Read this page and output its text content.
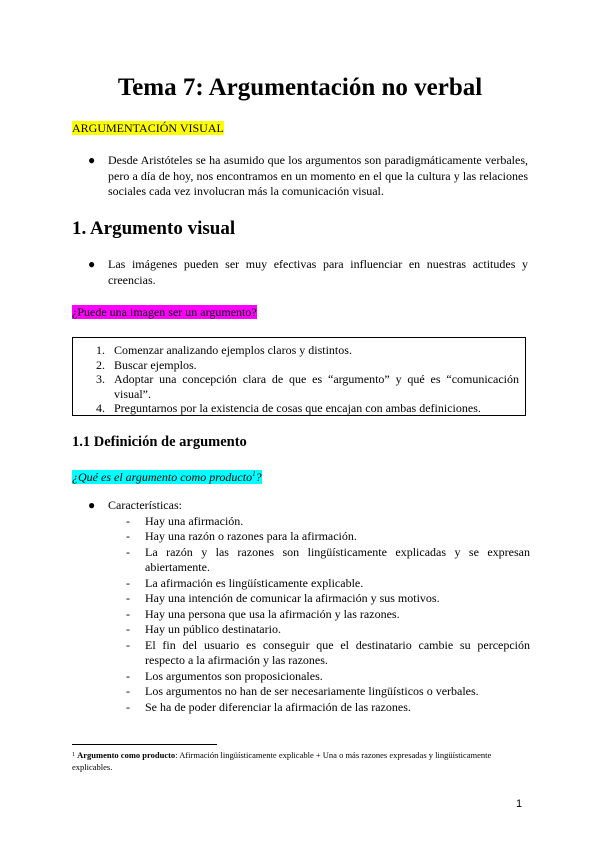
Tema 7: Argumentación no verbal
ARGUMENTACIÓN VISUAL
● Desde Aristóteles se ha asumido que los argumentos son paradigmáticamente verbales, pero a día de hoy, nos encontramos en un momento en el que la cultura y las relaciones sociales cada vez involucran más la comunicación visual.
1. Argumento visual
● Las imágenes pueden ser muy efectivas para influenciar en nuestras actitudes y creencias.
¿Puede una imagen ser un argumento?
1. Comenzar analizando ejemplos claros y distintos.
2. Buscar ejemplos.
3. Adoptar una concepción clara de que es “argumento” y qué es “comunicación visual”.
4. Preguntarnos por la existencia de cosas que encajan con ambas definiciones.
1.1 Definición de argumento
¿Qué es el argumento como producto$^1$?
● Características:
- Hay una afirmación.
- Hay una razón o razones para la afirmación.
- La razón y las razones son lingüísticamente explicadas y se expresan abiertamente.
- La afirmación es lingüísticamente explicable.
- Hay una intención de comunicar la afirmación y sus motivos.
- Hay una persona que usa la afirmación y las razones.
- Hay un público destinatario.
- El fin del usuario es conseguir que el destinatario cambie su percepción respecto a la afirmación y las razones.
- Los argumentos son proposicionales.
- Los argumentos no han de ser necesariamente lingüísticos o verbales.
- Se ha de poder diferenciar la afirmación de las razones.
$^1$ Argumento como producto: Afirmación lingüísticamente explicable + Una o más razones expresadas y lingüísticamente explicables.
1
